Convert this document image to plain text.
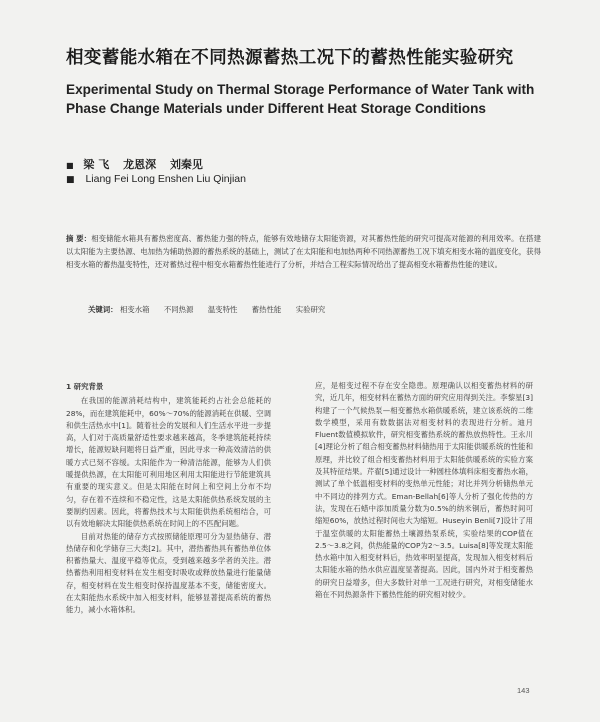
相变蓄能水箱在不同热源蓄热工况下的蓄热性能实验研究
Experimental Study on Thermal Storage Performance of Water Tank with Phase Change Materials under Different Heat Storage Conditions
■ 梁 飞 龙恩深 刘秦见
■ Liang Fei Long Enshen Liu Qinjian
摘 要：相变储能水箱具有蓄热密度高、蓄热能力强的特点，能够有效地储存太阳能资源，对其蓄热性能的研究可提高对能源的利用效率。在搭建以太阳能为主要热源、电加热为辅助热源的蓄热系统的基础上，测试了在太阳能和电加热两种不同热源蓄热工况下填充相变水箱的温度变化，获得相变水箱的蓄热温变特性，还对蓄热过程中相变水箱蓄热性能进行了分析，并结合工程实际情况给出了提高相变水箱蓄热性能的建议。
关键词： 相变水箱 不同热源 温变特性 蓄热性能 实验研究
1 研究背景

在我国的能源消耗结构中，建筑能耗约占社会总能耗的28%，而在建筑能耗中，60%～70%的能源消耗在供暖、空调和供生活热水中[1]。随着社会的发展和人们生活水平进一步提高，人们对于高质量舒适性要求越来越高，冬季建筑能耗持续增长，能源短缺问题将日益严重，因此寻求一种高效清洁的供暖方式已刻不容缓。太阳能作为一种清洁能源，能够为人们供暖提供热源，在太阳能可利用地区利用太阳能进行节能建筑具有重要的现实意义。但是太阳能在时间上和空间上分布不均匀，存在着不连续和不稳定性，这是太阳能供热系统发展的主要制约因素。因此，将蓄热技术与太阳能供热系统相结合，可以有效地解决太阳能供热系统在时间上的不匹配问题。

目前对热能的储存方式按照储能原理可分为显热储存、潜热储存和化学储存三大类[2]。其中，潜热蓄热具有蓄热单位体积蓄热量大、温度平稳等优点，受到越来越多学者的关注。潜热蓄热利用相变材料在发生相变时吸收或释放热量进行能量储存，相变材料在发生相变时保持温度基本不变，储能密度大。在太阳能热水系统中加入相变材料，能够显著提高系统的蓄热能力，减小水箱体积。

应，是相变过程不存在安全隐患。原理确认以相变蓄热材料的研究，近几年，相变材料在蓄热方面的研究应用得到关注。李黎星[3]构建了一个气候热泵—相变蓄热水箱供暖系统，建立该系统的二维数学模型，采用有数数据法对相变材料的表现进行分析。迪月Fluent数值模拟软件，研究相变蓄热系统的蓄热放热特性。王永川[4]理论分析了组合相变蓄热材料储热用于太阳能供暖系统的性能和原理，并比较了组合相变蓄热材料用于太阳能供暖系统的实验方案及其特征结果。芹翟[5]通过设计一种圆柱体填料床相变蓄热水箱，测试了单个低温相变材料的变热单元性能；对比并列分析储热单元中不同边的排列方式。Eman-Bellah[6]等人分析了强化传热的方法，发现在石蜡中添加质量分数为0.5%的纳米铜后，蓄热时间可缩短60%，放热过程时间也大为缩短。Huseyin Benli[7]设计了用于温室供暖的太阳能蓄热土壤源热泵系统，实验结果的COP值在2.5～3.8之间，供热能量的COP为2～3.5。Luisa[8]等发现太阳能热水箱中加入相变材料后，热效率明显提高，发现加入相变材料后太阳能水箱的热水供应温度显著提高。因此，国内外对于相变蓄热的研究日益增多，但大多数针对单一工况进行研究，对相变储能水箱在不同热源条件下蓄热性能的研究相对较少。

143
